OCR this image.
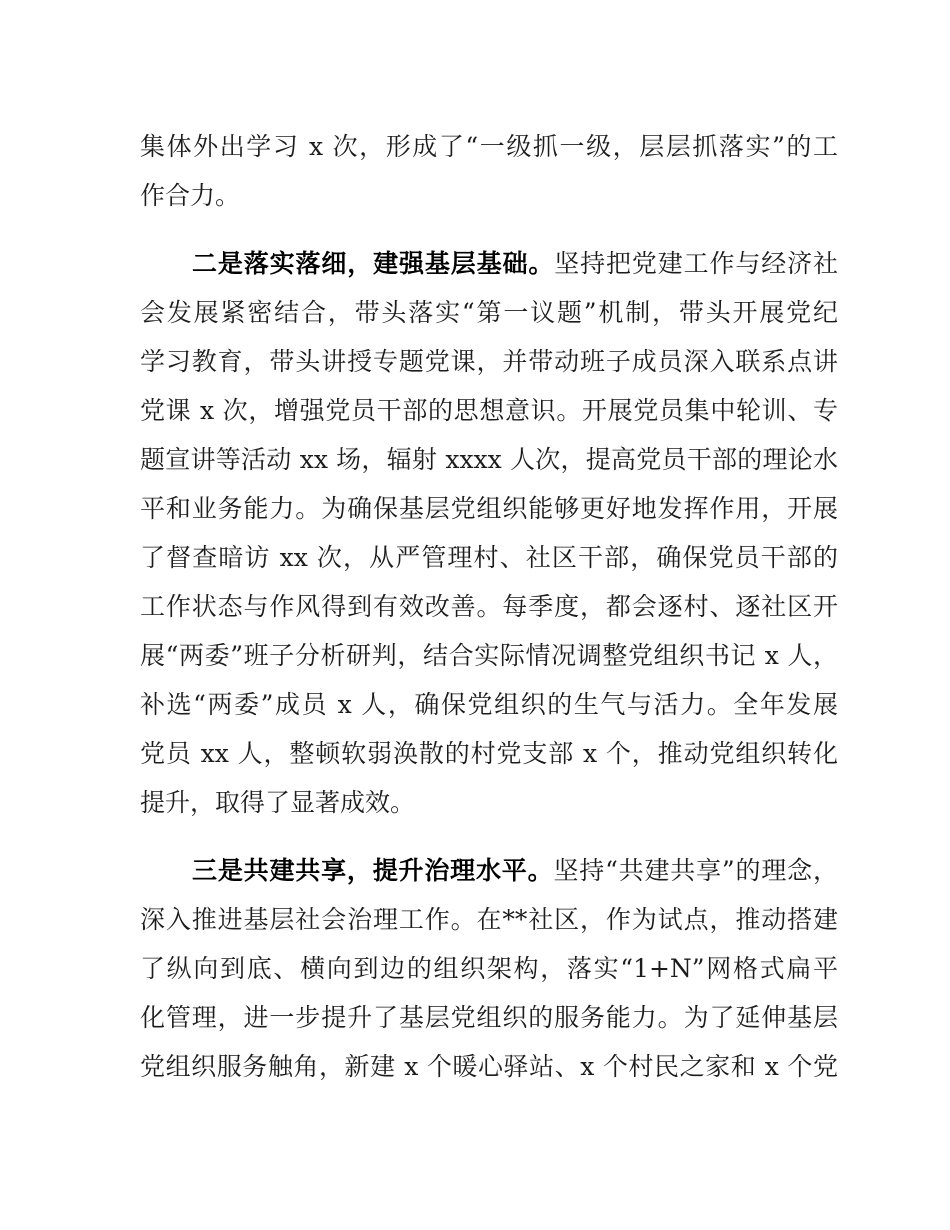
集体外出学习 x 次，形成了“一级抓一级，层层抓落实”的工
作合力。
二是落实落细，建强基层基础。坚持把党建工作与经济社
会发展紧密结合，带头落实“第一议题”机制，带头开展党纪
学习教育，带头讲授专题党课，并带动班子成员深入联系点讲
党课 x 次，增强党员干部的思想意识。开展党员集中轮训、专
题宣讲等活动 xx 场，辐射 xxxx 人次，提高党员干部的理论水
平和业务能力。为确保基层党组织能够更好地发挥作用，开展
了督查暗访 xx 次，从严管理村、社区干部，确保党员干部的
工作状态与作风得到有效改善。每季度，都会逐村、逐社区开
展“两委”班子分析研判，结合实际情况调整党组织书记 x 人，
补选“两委”成员 x 人，确保党组织的生气与活力。全年发展
党员 xx 人，整顿软弱涣散的村党支部 x 个，推动党组织转化
提升，取得了显著成效。
三是共建共享，提升治理水平。坚持“共建共享”的理念，
深入推进基层社会治理工作。在**社区，作为试点，推动搭建
了纵向到底、横向到边的组织架构，落实“1+N”网格式扁平
化管理，进一步提升了基层党组织的服务能力。为了延伸基层
党组织服务触角，新建 x 个暖心驿站、x 个村民之家和 x 个党
